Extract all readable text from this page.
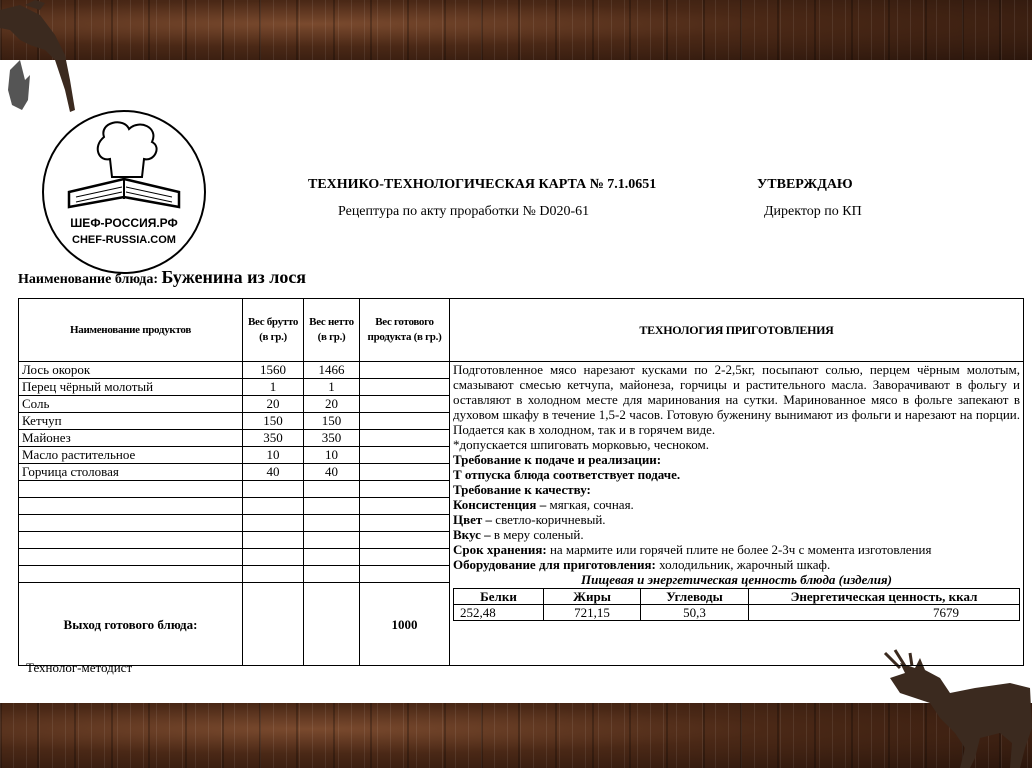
ШЕФ-РОССИЯ.РФ
CHEF-RUSSIA.COM
ТЕХНИКО-ТЕХНОЛОГИЧЕСКАЯ КАРТА № 7.1.0651	УТВЕРЖДАЮ
Рецептура по акту проработки № D020-61	Директор по КП
Наименование блюда: Буженина из лося
Наименование продуктов	Вес брутто (в гр.)	Вес нетто (в гр.)	Вес готового продукта (в гр.)	ТЕХНОЛОГИЯ ПРИГОТОВЛЕНИЯ
Лось окорок	1560	1466		Подготовленное мясо нарезают кусками по 2-2,5кг, посыпают солью, перцем чёрным молотым, смазывают смесью кетчупа, майонеза, горчицы и растительного масла. Заворачивают в фольгу и оставляют в холодном месте для маринования на сутки. Маринованное мясо в фольге запекают в духовом шкафу в течение 1,5-2 часов. Готовую буженину вынимают из фольги и нарезают на порции. Подается как в холодном, так и в горячем виде.
*допускается шпиговать морковью, чесноком.
Требование к подаче и реализации:
Т отпуска блюда соответствует подаче.
Требование к качеству:
Консистенция – мягкая, сочная.
Цвет – светло-коричневый.
Вкус – в меру соленый.
Срок хранения: на мармите или горячей плите не более 2-3ч с момента изготовления
Оборудование для приготовления: холодильник, жарочный шкаф.

Пищевая и энергетическая ценность блюда (изделия)
Белки	Жиры	Углеводы	Энергетическая ценность, ккал
252,48	721,15	50,3	7679

Перец чёрный молотый	1	1	
Соль	20	20	
Кетчуп	150	150	
Майонез	350	350	
Масло растительное	10	10	
Горчица столовая	40	40	

Выход готового блюда:			1000
Технолог-методист
